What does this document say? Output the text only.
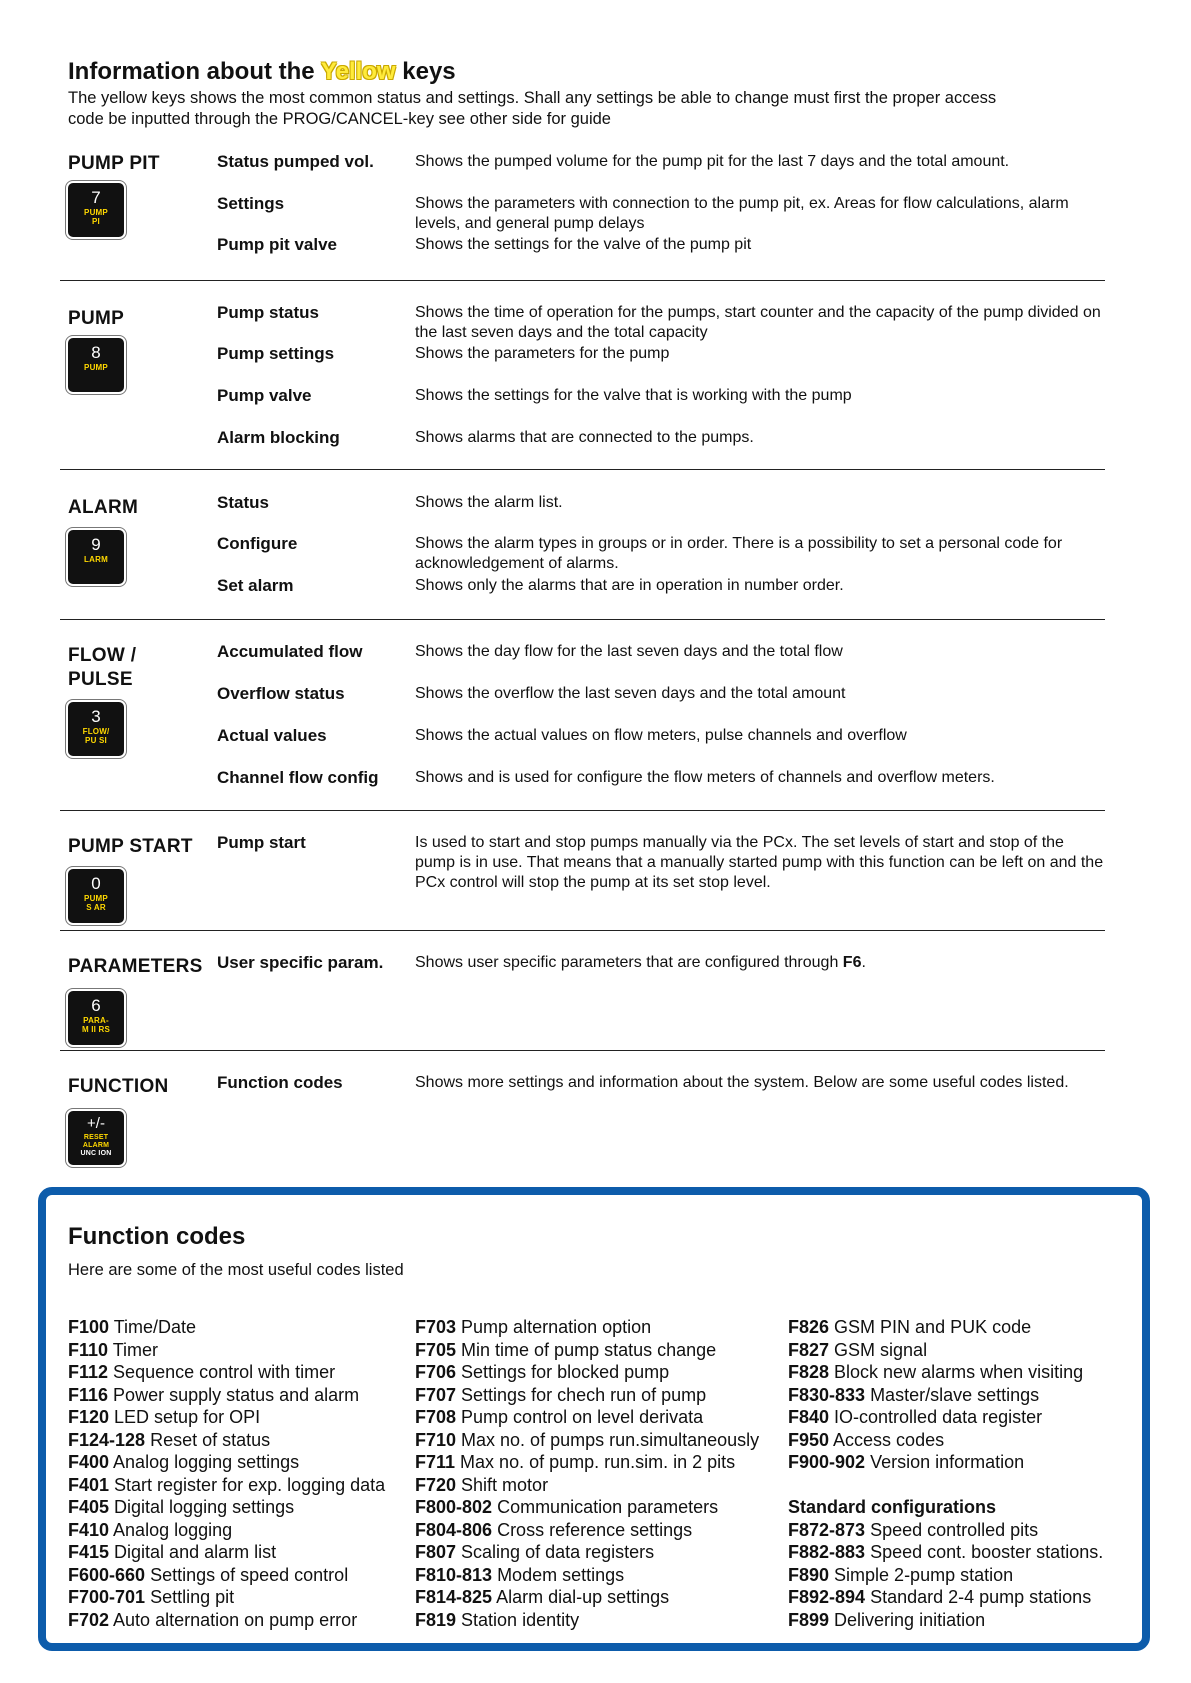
Information about the Yellow keys

The yellow keys shows the most common status and settings. Shall any settings be able to change must first the proper access

code be inputted through the PROG/CANCEL-key see other side for guide

PUMP PIT
7
PUMP
PI
Status pumped vol.	Shows the pumped volume for the pump pit for the last 7 days and the total amount.
Settings	Shows the parameters with connection to the pump pit, ex. Areas for flow calculations, alarm levels, and general pump delays
Pump pit valve	Shows the settings for the valve of the pump pit
PUMP
8
PUMP
Pump status	Shows the time of operation for the pumps, start counter and the capacity of the pump divided on the last seven days and the total capacity
Pump settings	Shows the parameters for the pump
Pump valve	Shows the settings for the valve that is working with the pump
Alarm blocking	Shows alarms that are connected to the pumps.
ALARM
9
LARM
Status	Shows the alarm list.
Configure	Shows the alarm types in groups or in order. There is a possibility to set a personal code for acknowledgement of alarms.
Set alarm	Shows only the alarms that are in operation in number order.
FLOW /
PULSE
3
FLOW/
PU SI
Accumulated flow	Shows the day flow for the last seven days and the total flow
Overflow status	Shows the overflow the last seven days and the total amount
Actual values	Shows the actual values on flow meters, pulse channels and overflow
Channel flow config	Shows and is used for configure the flow meters of channels and overflow meters.
PUMP START
0
PUMP
S AR
Pump start	Is used to start and stop pumps manually via the PCx. The set levels of start and stop of the pump is in use. That means that a manually started pump with this function can be left on and the PCx control will stop the pump at its set stop level.
PARAMETERS
6
PARA-
M II RS
User specific param.	Shows user specific parameters that are configured through F6.
FUNCTION
+/-
RESET
ALARM
UNC ION
Function codes	Shows more settings and information about the system. Below are some useful codes listed.
Function codes
Here are some of the most useful codes listed
F100 Time/Date
F110 Timer
F112 Sequence control with timer
F116 Power supply status and alarm
F120 LED setup for OPI
F124-128 Reset of status
F400 Analog logging settings
F401 Start register for exp. logging data
F405 Digital logging settings
F410 Analog logging
F415 Digital and alarm list
F600-660 Settings of speed control
F700-701 Settling pit
F702 Auto alternation on pump error
F703 Pump alternation option
F705 Min time of pump status change
F706 Settings for blocked pump
F707 Settings for chech run of pump
F708 Pump control on level derivata
F710 Max no. of pumps run.simultaneously
F711 Max no. of pump. run.sim. in 2 pits
F720 Shift motor
F800-802 Communication parameters
F804-806 Cross reference settings
F807 Scaling of data registers
F810-813 Modem settings
F814-825 Alarm dial-up settings
F819 Station identity
F826 GSM PIN and PUK code
F827 GSM signal
F828 Block new alarms when visiting
F830-833 Master/slave settings
F840 IO-controlled data register
F950 Access codes
F900-902 Version information
Standard configurations
F872-873 Speed controlled pits
F882-883 Speed cont. booster stations.
F890 Simple 2-pump station
F892-894 Standard 2-4 pump stations
F899 Delivering initiation
